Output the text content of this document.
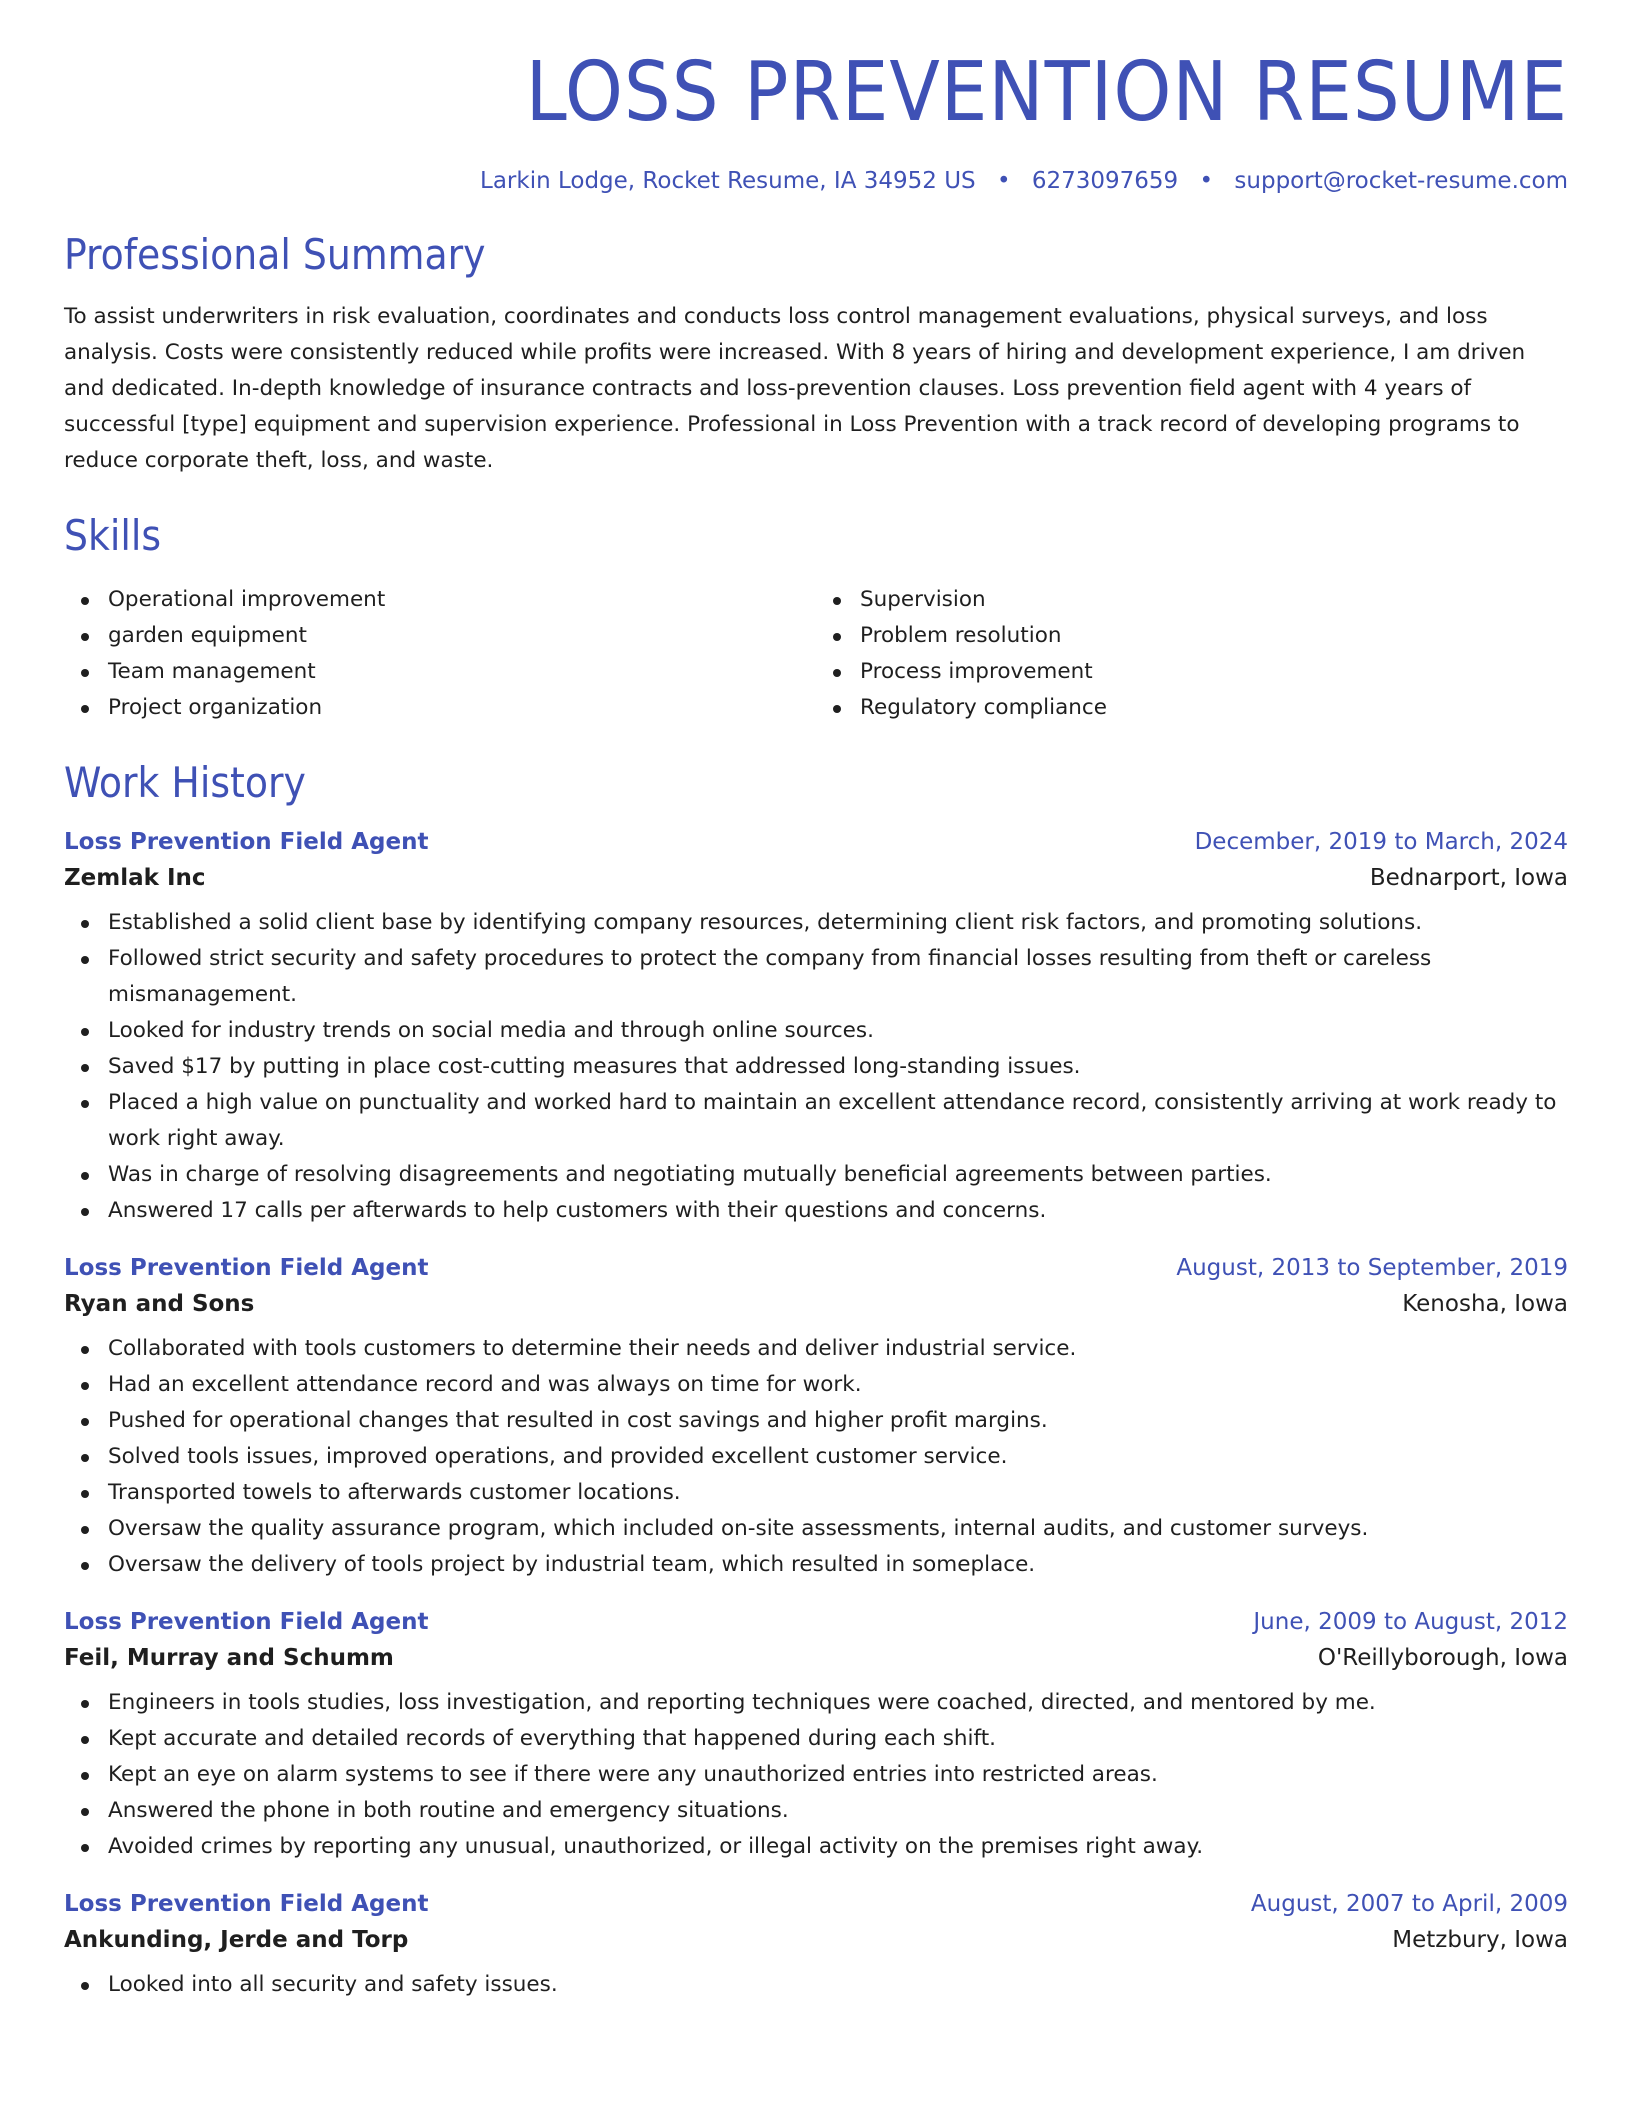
LOSS PREVENTION RESUME
Larkin Lodge, Rocket Resume, IA 34952 US • 6273097659 • support@rocket-resume.com
Professional Summary
To assist underwriters in risk evaluation, coordinates and conducts loss control management evaluations, physical surveys, and loss analysis. Costs were consistently reduced while profits were increased. With 8 years of hiring and development experience, I am driven and dedicated. In-depth knowledge of insurance contracts and loss-prevention clauses. Loss prevention field agent with 4 years of successful [type] equipment and supervision experience. Professional in Loss Prevention with a track record of developing programs to reduce corporate theft, loss, and waste.
Skills
Operational improvement
garden equipment
Team management
Project organization
Supervision
Problem resolution
Process improvement
Regulatory compliance
Work History
Loss Prevention Field Agent	December, 2019 to March, 2024
Zemlak Inc	Bednarport, Iowa
Established a solid client base by identifying company resources, determining client risk factors, and promoting solutions.
Followed strict security and safety procedures to protect the company from financial losses resulting from theft or careless mismanagement.
Looked for industry trends on social media and through online sources.
Saved $17 by putting in place cost-cutting measures that addressed long-standing issues.
Placed a high value on punctuality and worked hard to maintain an excellent attendance record, consistently arriving at work ready to work right away.
Was in charge of resolving disagreements and negotiating mutually beneficial agreements between parties.
Answered 17 calls per afterwards to help customers with their questions and concerns.
Loss Prevention Field Agent	August, 2013 to September, 2019
Ryan and Sons	Kenosha, Iowa
Collaborated with tools customers to determine their needs and deliver industrial service.
Had an excellent attendance record and was always on time for work.
Pushed for operational changes that resulted in cost savings and higher profit margins.
Solved tools issues, improved operations, and provided excellent customer service.
Transported towels to afterwards customer locations.
Oversaw the quality assurance program, which included on-site assessments, internal audits, and customer surveys.
Oversaw the delivery of tools project by industrial team, which resulted in someplace.
Loss Prevention Field Agent	June, 2009 to August, 2012
Feil, Murray and Schumm	O'Reillyborough, Iowa
Engineers in tools studies, loss investigation, and reporting techniques were coached, directed, and mentored by me.
Kept accurate and detailed records of everything that happened during each shift.
Kept an eye on alarm systems to see if there were any unauthorized entries into restricted areas.
Answered the phone in both routine and emergency situations.
Avoided crimes by reporting any unusual, unauthorized, or illegal activity on the premises right away.
Loss Prevention Field Agent	August, 2007 to April, 2009
Ankunding, Jerde and Torp	Metzbury, Iowa
Looked into all security and safety issues.
